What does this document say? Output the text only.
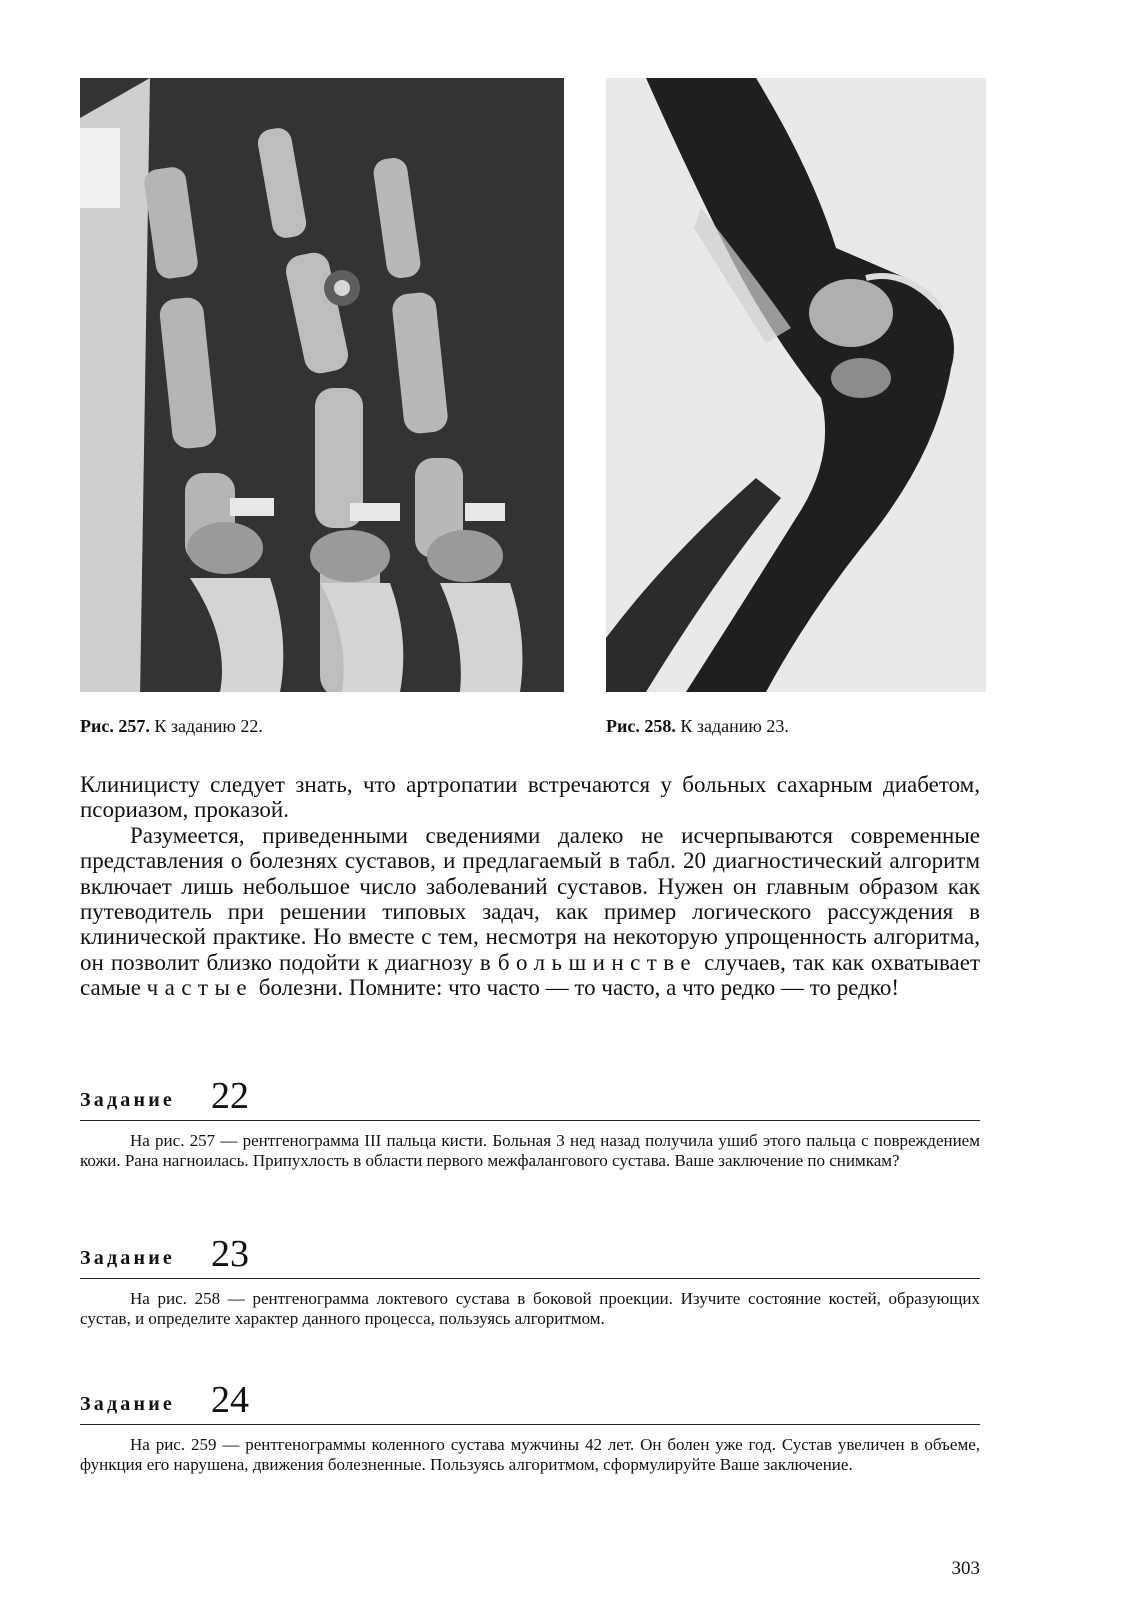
Рис. 257. К заданию 22.	Рис. 258. К заданию 23.

Клиницисту следует знать, что артропатии встречаются у больных сахарным диабетом, псориазом, проказой.

Разумеется, приведенными сведениями далеко не исчерпываются современные представления о болезнях суставов, и предлагаемый в табл. 20 диагностический алгоритм включает лишь небольшое число заболеваний суставов. Нужен он главным образом как путеводитель при решении типовых задач, как пример логического рассуждения в клинической практике. Но вместе с тем, несмотря на некоторую упрощенность алгоритма, он позволит близко подойти к диагнозу в большинстве случаев, так как охватывает самые частые болезни. Помните: что часто — то часто, а что редко — то редко!

Задание 22
На рис. 257 — рентгенограмма III пальца кисти. Больная 3 нед назад получила ушиб этого пальца с повреждением кожи. Рана нагноилась. Припухлость в области первого межфалангового сустава. Ваше заключение по снимкам?
Задание 23
На рис. 258 — рентгенограмма локтевого сустава в боковой проекции. Изучите состояние костей, образующих сустав, и определите характер данного процесса, пользуясь алгоритмом.
Задание 24
На рис. 259 — рентгенограммы коленного сустава мужчины 42 лет. Он болен уже год. Сустав увеличен в объеме, функция его нарушена, движения болезненные. Пользуясь алгоритмом, сформулируйте Ваше заключение.
303
